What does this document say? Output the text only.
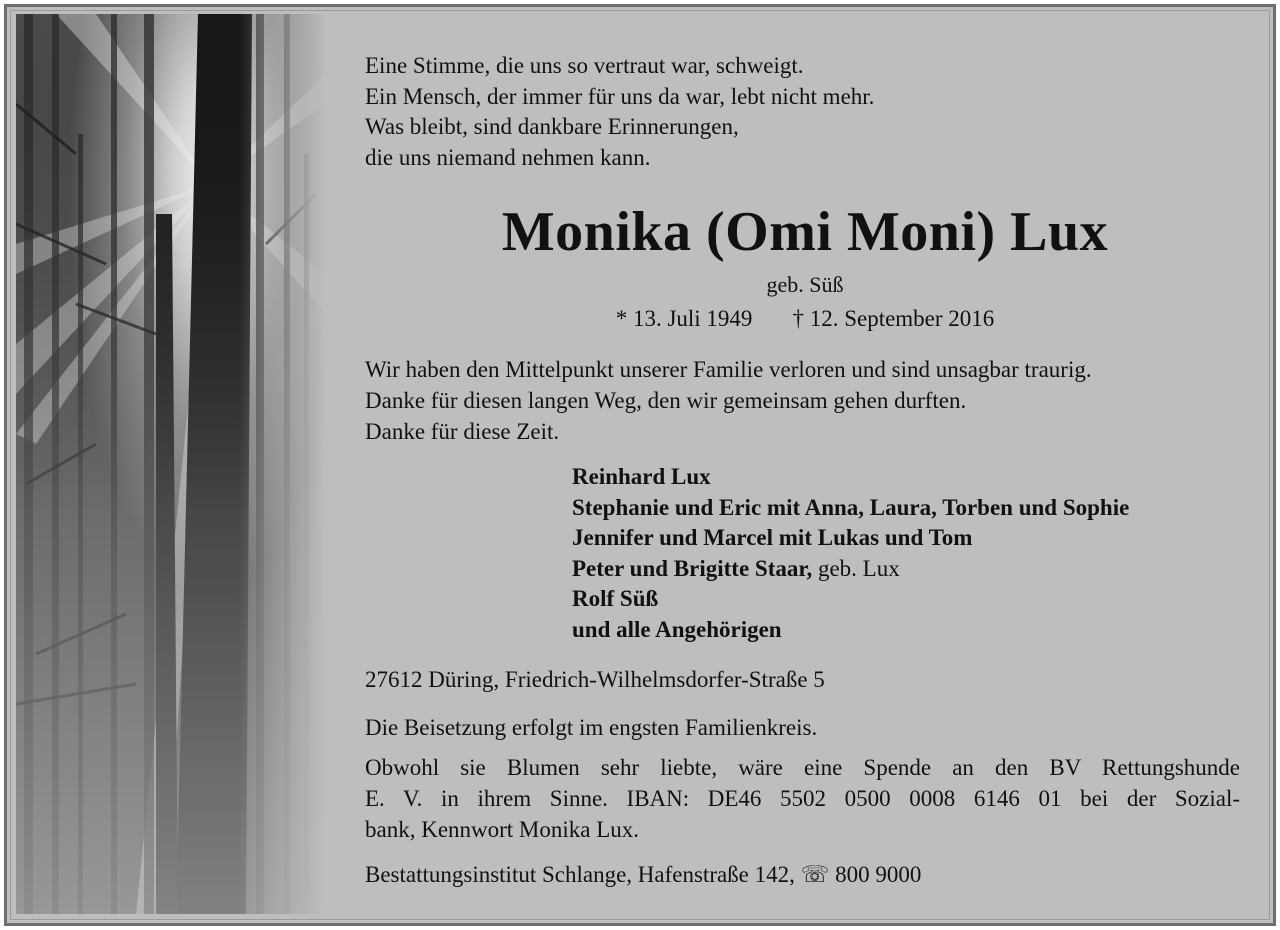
Eine Stimme, die uns so vertraut war, schweigt.
Ein Mensch, der immer für uns da war, lebt nicht mehr.
Was bleibt, sind dankbare Erinnerungen,
die uns niemand nehmen kann.
Monika (Omi Moni) Lux
geb. Süß
* 13. Juli 1949 † 12. September 2016
Wir haben den Mittelpunkt unserer Familie verloren und sind unsagbar traurig.
Danke für diesen langen Weg, den wir gemeinsam gehen durften.
Danke für diese Zeit.
Reinhard Lux
Stephanie und Eric mit Anna, Laura, Torben und Sophie
Jennifer und Marcel mit Lukas und Tom
Peter und Brigitte Staar, geb. Lux
Rolf Süß
und alle Angehörigen
27612 Düring, Friedrich-Wilhelmsdorfer-Straße 5
Die Beisetzung erfolgt im engsten Familienkreis.
Obwohl sie Blumen sehr liebte, wäre eine Spende an den BV Rettungshunde
E. V. in ihrem Sinne. IBAN: DE46 5502 0500 0008 6146 01 bei der Sozial-
bank, Kennwort Monika Lux.
Bestattungsinstitut Schlange, Hafenstraße 142, ☏ 800 9000
